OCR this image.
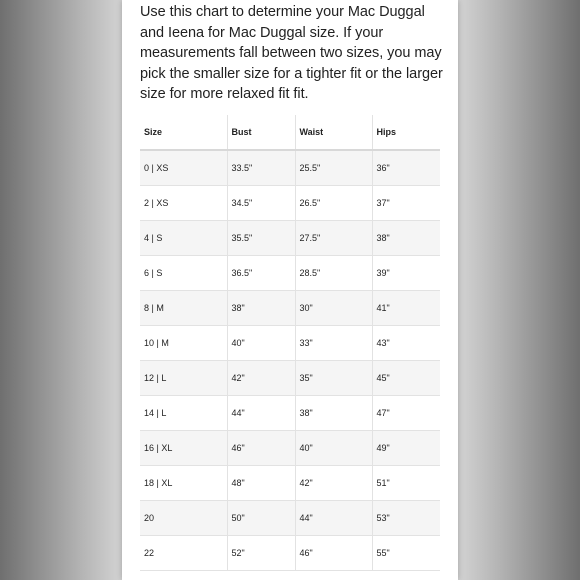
Use this chart to determine your Mac Duggal and Ieena for Mac Duggal size. If your measurements fall between two sizes, you may pick the smaller size for a tighter fit or the larger size for more relaxed fit fit.

Size	Bust	Waist	Hips
0 | XS	33.5"	25.5"	36"
2 | XS	34.5"	26.5"	37"
4 | S	35.5"	27.5"	38"
6 | S	36.5"	28.5"	39"
8 | M	38"	30"	41"
10 | M	40"	33"	43"
12 | L	42"	35"	45"
14 | L	44"	38"	47"
16 | XL	46"	40"	49"
18 | XL	48"	42"	51"
20	50"	44"	53"
22	52"	46"	55"
